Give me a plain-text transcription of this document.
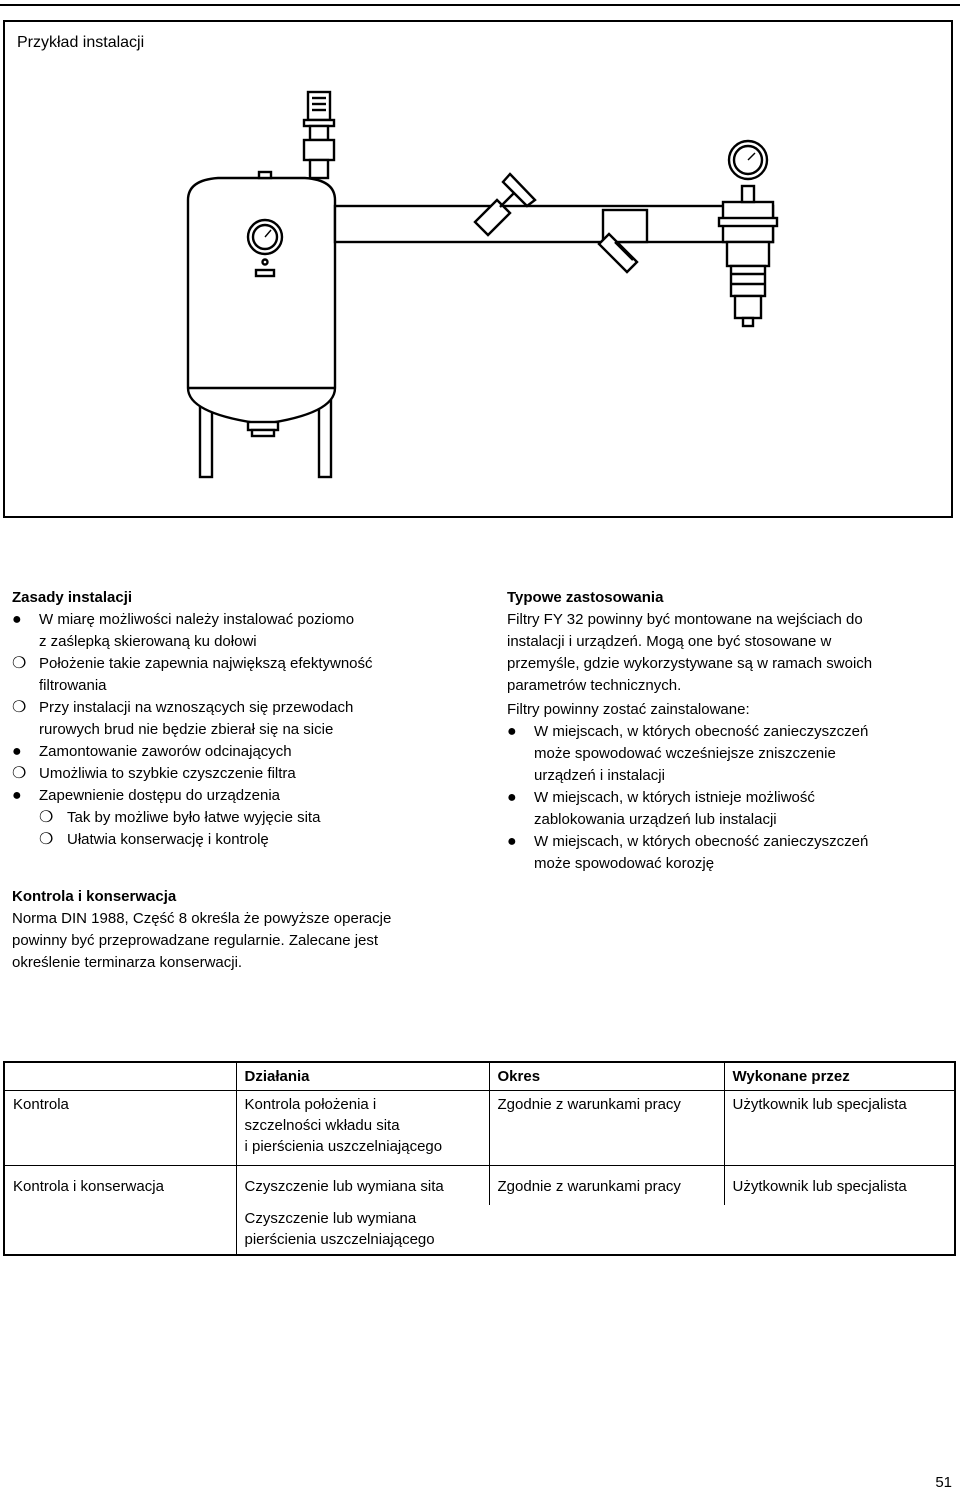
Przykład instalacji
Zasady instalacji
●	W miarę możliwości należy instalować poziomo
z zaślepką skierowaną ku dołowi
❍ Położenie takie zapewnia największą efektywność
filtrowania
❍ Przy instalacji na wznoszących się przewodach
rurowych brud nie będzie zbierał się na sicie
●	Zamontowanie zaworów odcinających
❍ Umożliwia to szybkie czyszczenie filtra
●	Zapewnienie dostępu do urządzenia
❍ Tak by możliwe było łatwe wyjęcie sita
❍ Ułatwia konserwację i kontrolę
Kontrola i konserwacja
Norma DIN 1988, Część 8 określa że powyższe operacje
powinny być przeprowadzane regularnie. Zalecane jest
określenie terminarza konserwacji.
Typowe zastosowania
Filtry FY 32 powinny być montowane na wejściach do
instalacji i urządzeń. Mogą one być stosowane w
przemyśle, gdzie wykorzystywane są w ramach swoich
parametrów technicznych.
Filtry powinny zostać zainstalowane:
●	W miejscach, w których obecność zanieczyszczeń
może spowodować wcześniejsze zniszczenie
urządzeń i instalacji
●	W miejscach, w których istnieje możliwość
zablokowania urządzeń lub instalacji
●	W miejscach, w których obecność zanieczyszczeń
może spowodować korozję
	Działania	Okres	Wykonane przez
Kontrola	Kontrola położenia i
szczelności wkładu sita
i pierścienia uszczelniającego	Zgodnie z warunkami pracy	Użytkownik lub specjalista
Kontrola i konserwacja	Czyszczenie lub wymiana sita	Zgodnie z warunkami pracy	Użytkownik lub specjalista
	Czyszczenie lub wymiana
pierścienia uszczelniającego		
51
